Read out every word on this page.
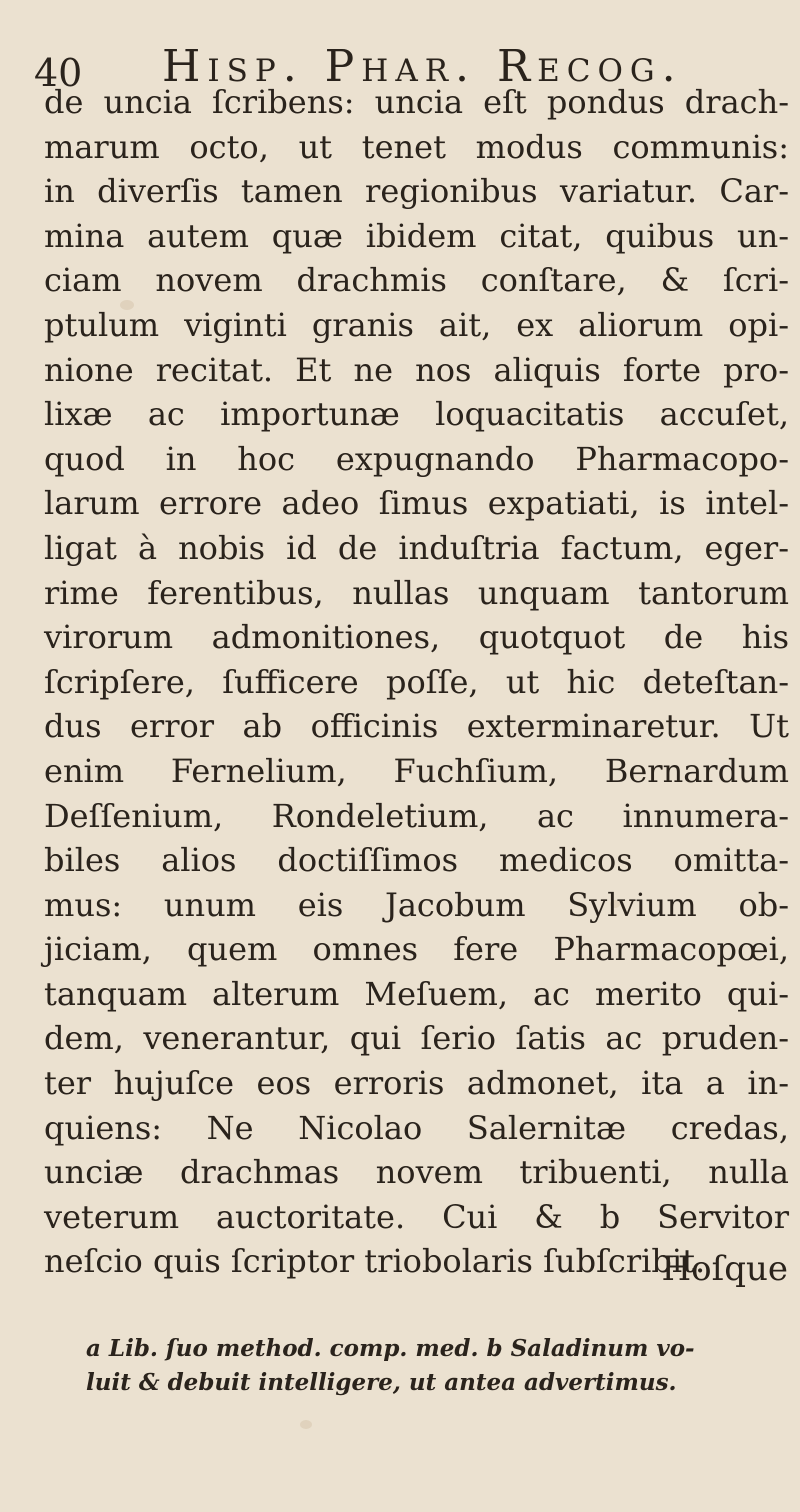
40 Hisp. Phar. Recog.
de uncia ſcribens: uncia eſt pondus drach-
marum octo, ut tenet modus communis:
in diverſis tamen regionibus variatur. Car-
mina autem quæ ibidem citat, quibus un-
ciam novem drachmis conſtare, & ſcri-
ptulum viginti granis ait, ex aliorum opi-
nione recitat. Et ne nos aliquis forte pro-
lixæ ac importunæ loquacitatis accuſet,
quod in hoc expugnando Pharmacopo-
larum errore adeo ſimus expatiati, is intel-
ligat à nobis id de induſtria factum, eger-
rime ferentibus, nullas unquam tantorum
virorum admonitiones, quotquot de his
ſcripſere, ſufficere poſſe, ut hic deteſtan-
dus error ab officinis exterminaretur. Ut
enim Fernelium, Fuchſium, Bernardum
Deſſenium, Rondeletium, ac innumera-
biles alios doctiſſimos medicos omitta-
mus: unum eis Jacobum Sylvium ob-
jiciam, quem omnes fere Pharmacopœi,
tanquam alterum Meſuem, ac merito qui-
dem, venerantur, qui ſerio ſatis ac pruden-
ter hujuſce eos erroris admonet, ita a in-
quiens: Ne Nicolao Salernitæ credas,
unciæ drachmas novem tribuenti, nulla
veterum auctoritate. Cui & b Servitor
neſcio quis ſcriptor triobolaris ſubſcribit.
Hoſque
a Lib. ſuo method. comp. med. b Saladinum vo-
luit & debuit intelligere, ut antea advertimus.
